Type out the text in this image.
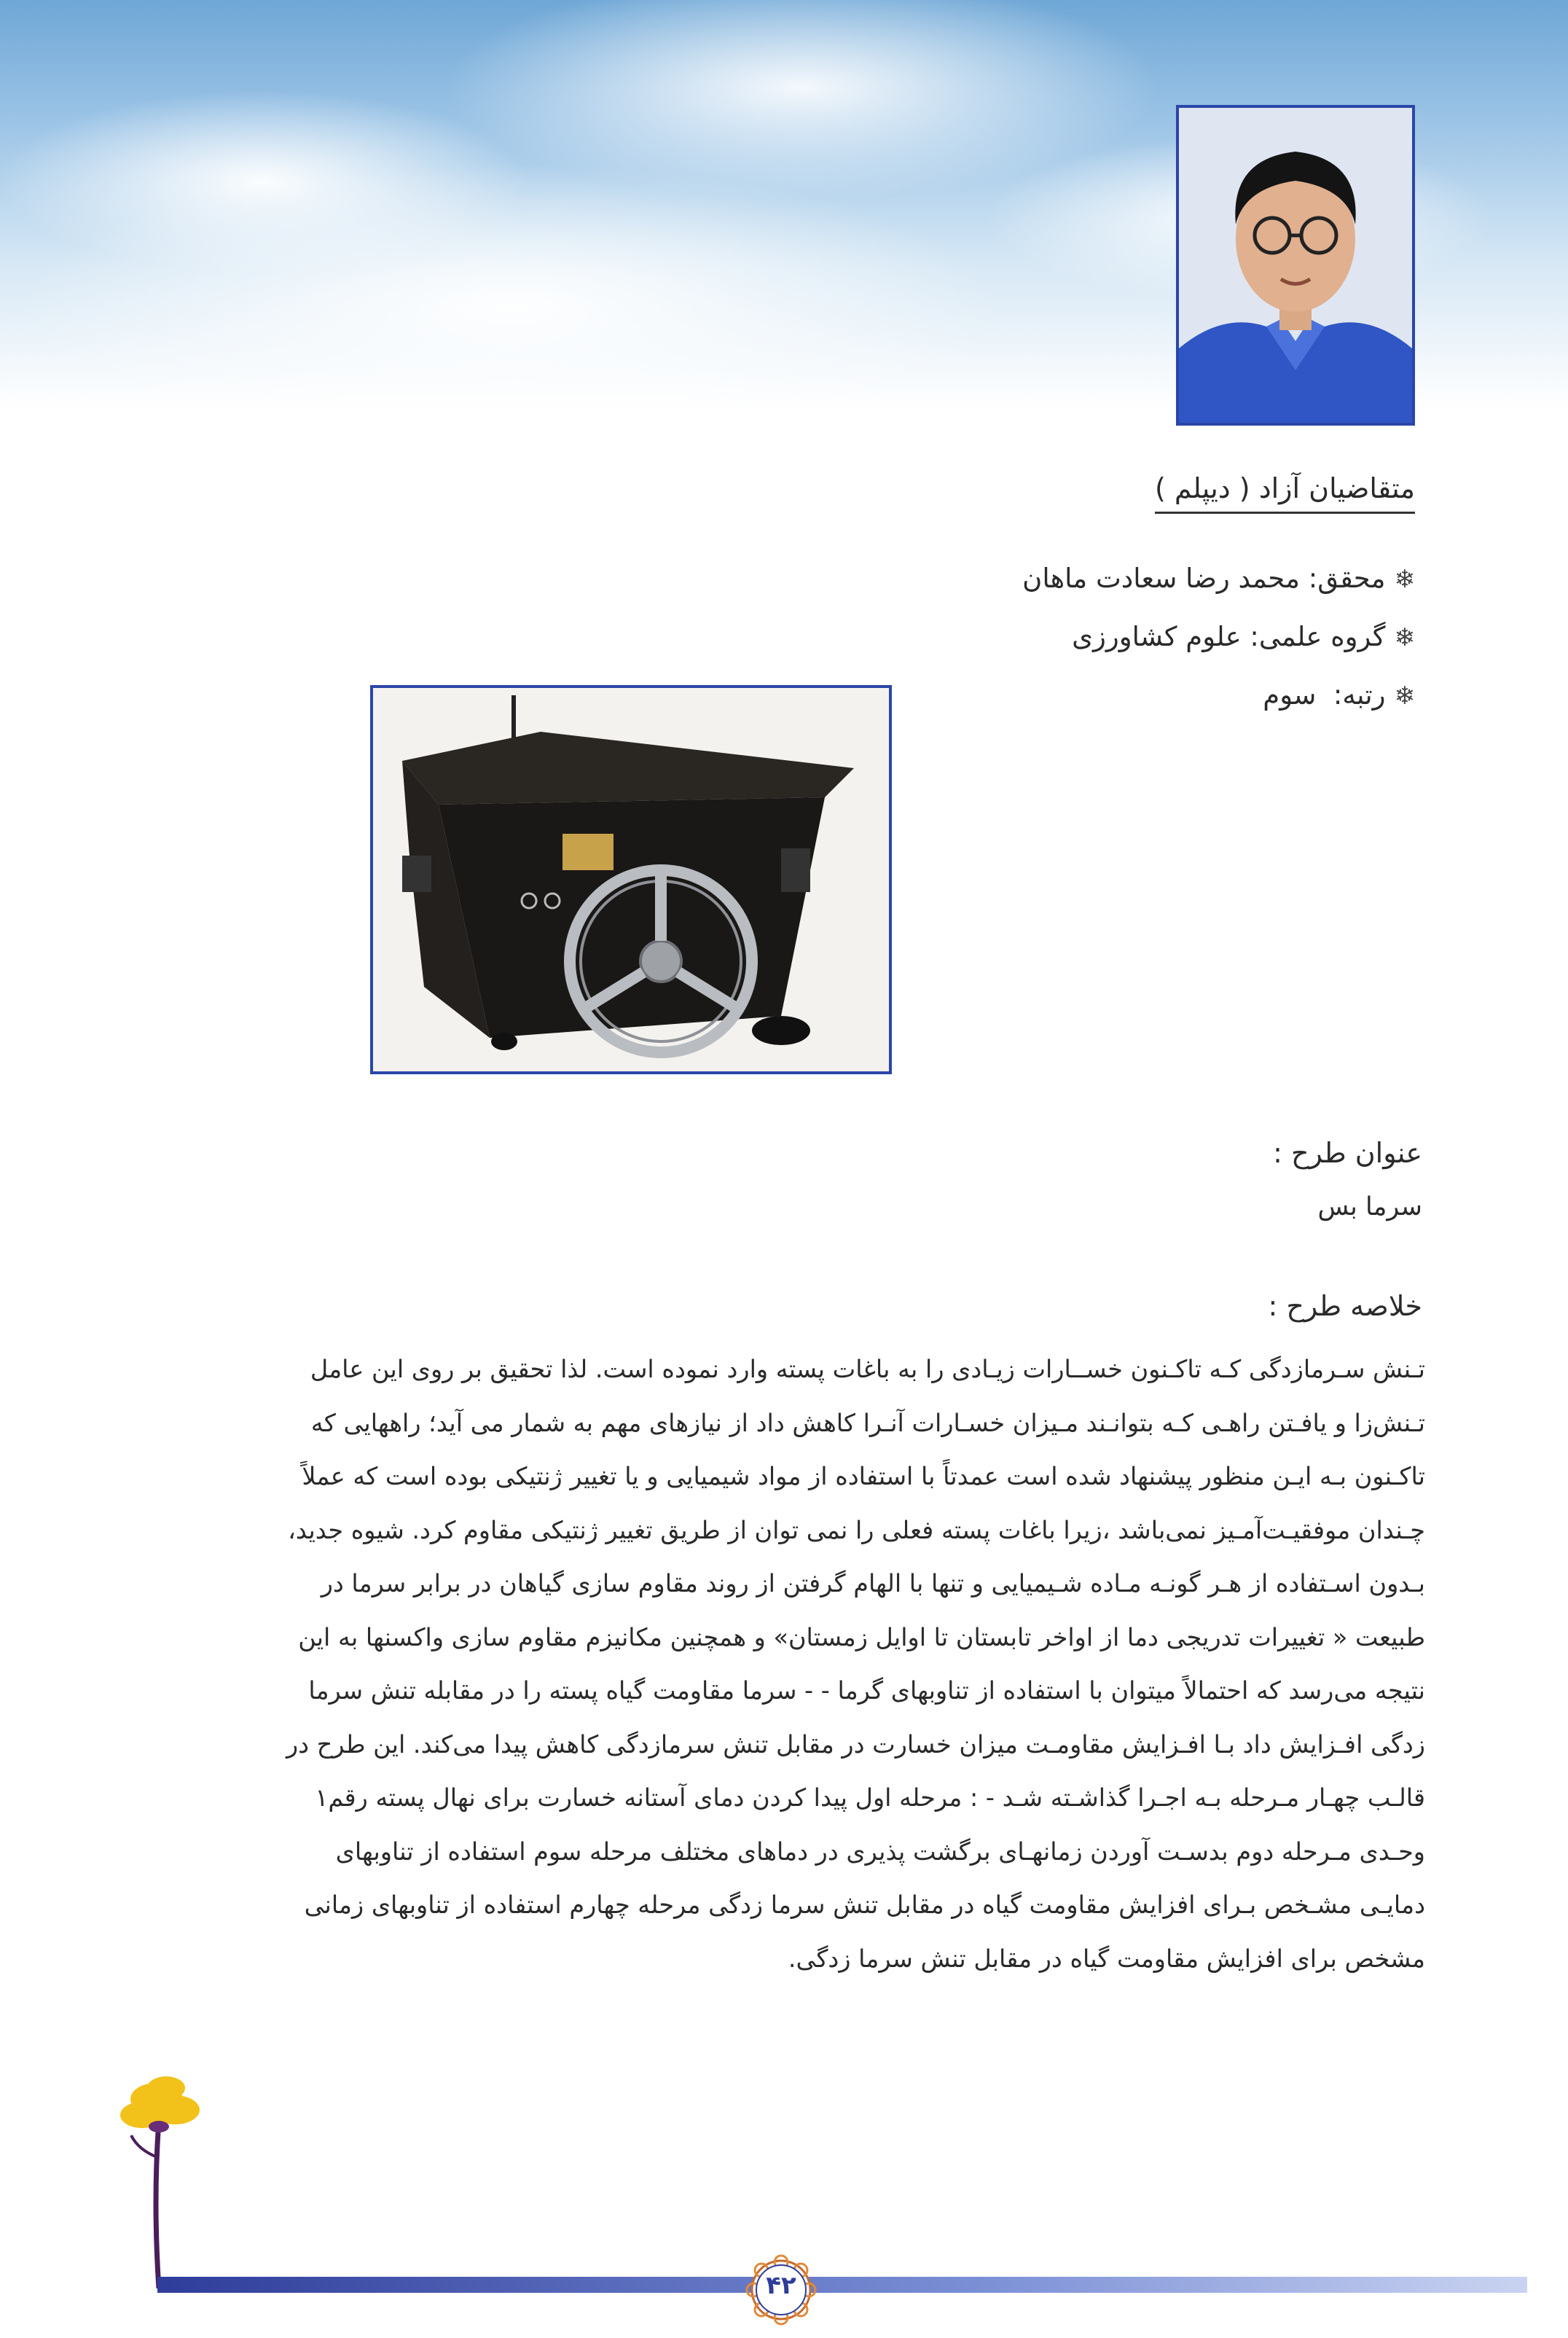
متقاضیان آزاد ( دیپلم )
❄محقق: محمد رضا سعادت ماهان
❄گروه علمی: علوم کشاورزی
❄رتبه:  سوم
عنوان طرح :
سرما بس
خلاصه طرح :
تـنش سـرمازدگی کـه تاکـنون خســارات زیـادی را به باغات پسته وارد نموده است. لذا تحقیق بر روی این عامل
تـنش‌زا و یافـتن راهـی کـه بتوانـند مـیزان خسـارات آنـرا کاهش داد از نیازهای مهم به شمار می آید؛ راههایی که
تاکـنون بـه ایـن منظور پیشنهاد شده است عمدتاً با استفاده از مواد شیمیایی و یا تغییر ژنتیکی بوده است که عملاً
چـندان موفقیـت‌آمـیز نمی‌باشد ،زیرا باغات پسته فعلی را نمی توان از طریق تغییر ژنتیکی مقاوم کرد. شیوه جدید،
بـدون اسـتفاده از هـر گونـه مـاده شـیمیایی و تنها با الهام گرفتن از روند مقاوم سازی گیاهان در برابر سرما در
طبیعت « تغییرات تدریجی دما از اواخر تابستان تا اوایل زمستان» و همچنین مکانیزم مقاوم سازی واکسنها به این
نتیجه می‌رسد که احتمالاً میتوان با استفاده از تناوبهای گرما - - سرما مقاومت گیاه پسته را در مقابله تنش سرما
زدگی افـزایش داد بـا افـزایش مقاومـت میزان خسارت در مقابل تنش سرمازدگی کاهش پیدا می‌کند. این طرح در
قالـب چهـار مـرحله بـه اجـرا گذاشـته شـد - : مرحله اول پیدا کردن دمای آستانه خسارت برای نهال پسته رقم۱
وحـدی مـرحله دوم بدسـت آوردن زمانهـای برگشت پذیری در دماهای مختلف مرحله سوم استفاده از تناوبهای
دمایـی مشـخص بـرای افزایش مقاومت گیاه در مقابل تنش سرما زدگی مرحله چهارم استفاده از تناوبهای زمانی
مشخص برای افزایش مقاومت گیاه در مقابل تنش سرما زدگی.
۴۲
